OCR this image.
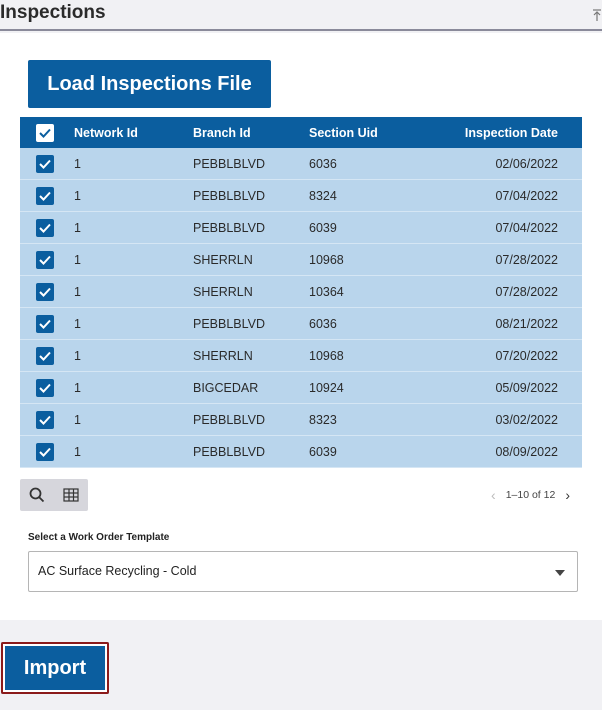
Inspections
Load Inspections File
Network Id	Branch Id	Section Uid	Inspection Date
1	PEBBLBLVD	6036	02/06/2022
1	PEBBLBLVD	8324	07/04/2022
1	PEBBLBLVD	6039	07/04/2022
1	SHERRLN	10968	07/28/2022
1	SHERRLN	10364	07/28/2022
1	PEBBLBLVD	6036	08/21/2022
1	SHERRLN	10968	07/20/2022
1	BIGCEDAR	10924	05/09/2022
1	PEBBLBLVD	8323	03/02/2022
1	PEBBLBLVD	6039	08/09/2022
‹ 1–10 of 12 ›
Select a Work Order Template
AC Surface Recycling - Cold
Import
